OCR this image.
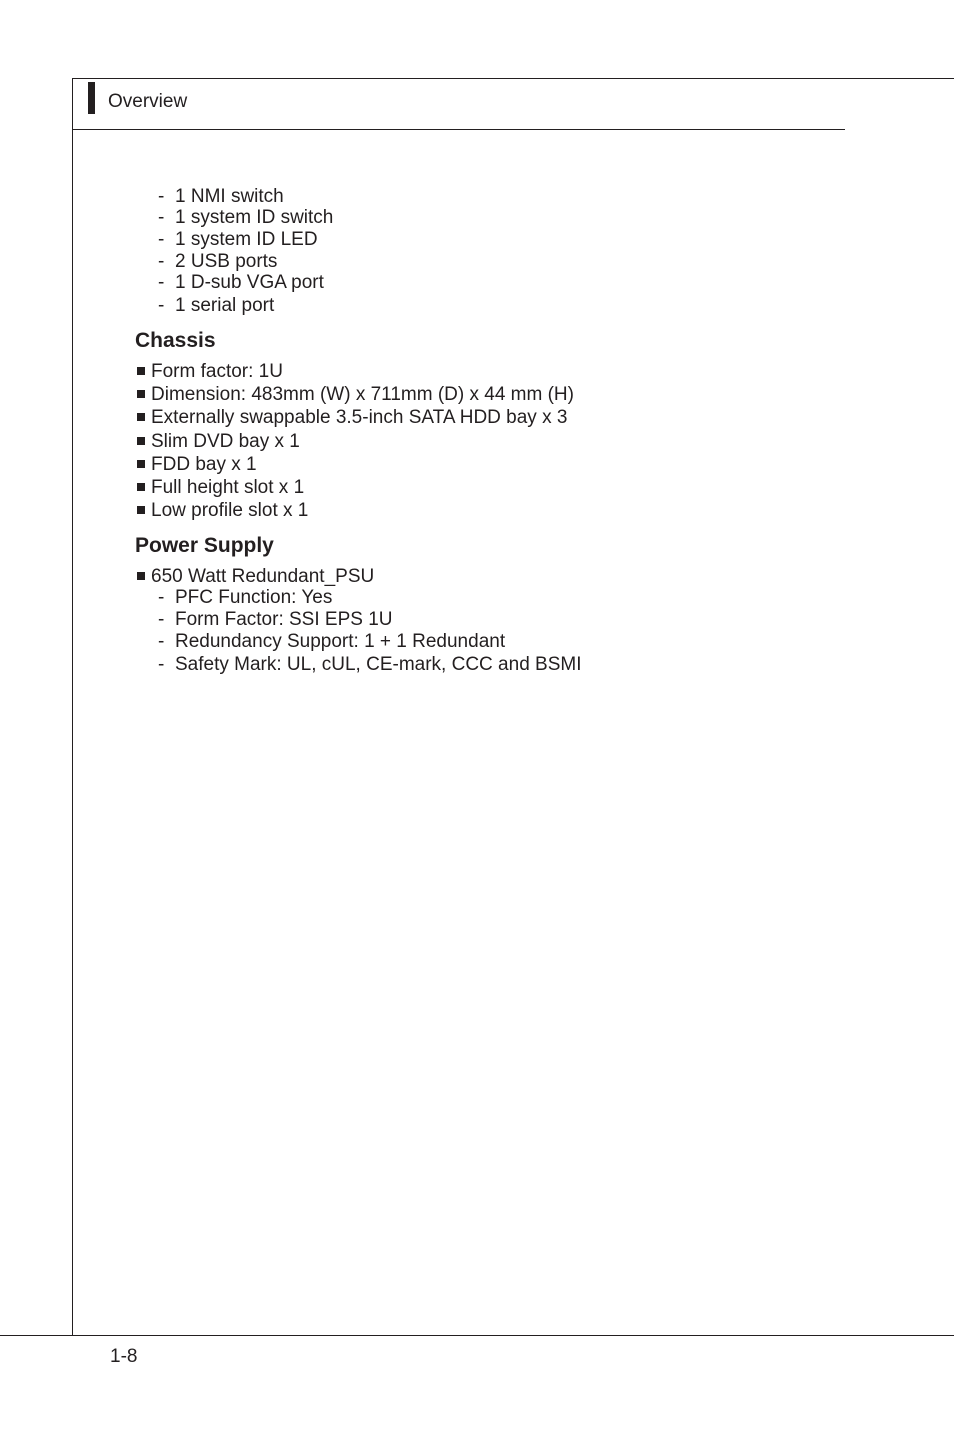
Overview
- 1 NMI switch
- 1 system ID switch
- 1 system ID LED
- 2 USB ports
- 1 D-sub VGA port
- 1 serial port
Chassis
Form factor: 1U
Dimension: 483mm (W) x 711mm (D) x 44 mm (H)
Externally swappable 3.5-inch SATA HDD bay x 3
Slim DVD bay x 1
FDD bay x 1
Full height slot x 1
Low profile slot x 1
Power Supply
650 Watt Redundant_PSU
- PFC Function: Yes
- Form Factor: SSI EPS 1U
- Redundancy Support: 1 + 1 Redundant
- Safety Mark: UL, cUL, CE-mark, CCC and BSMI
1-8
